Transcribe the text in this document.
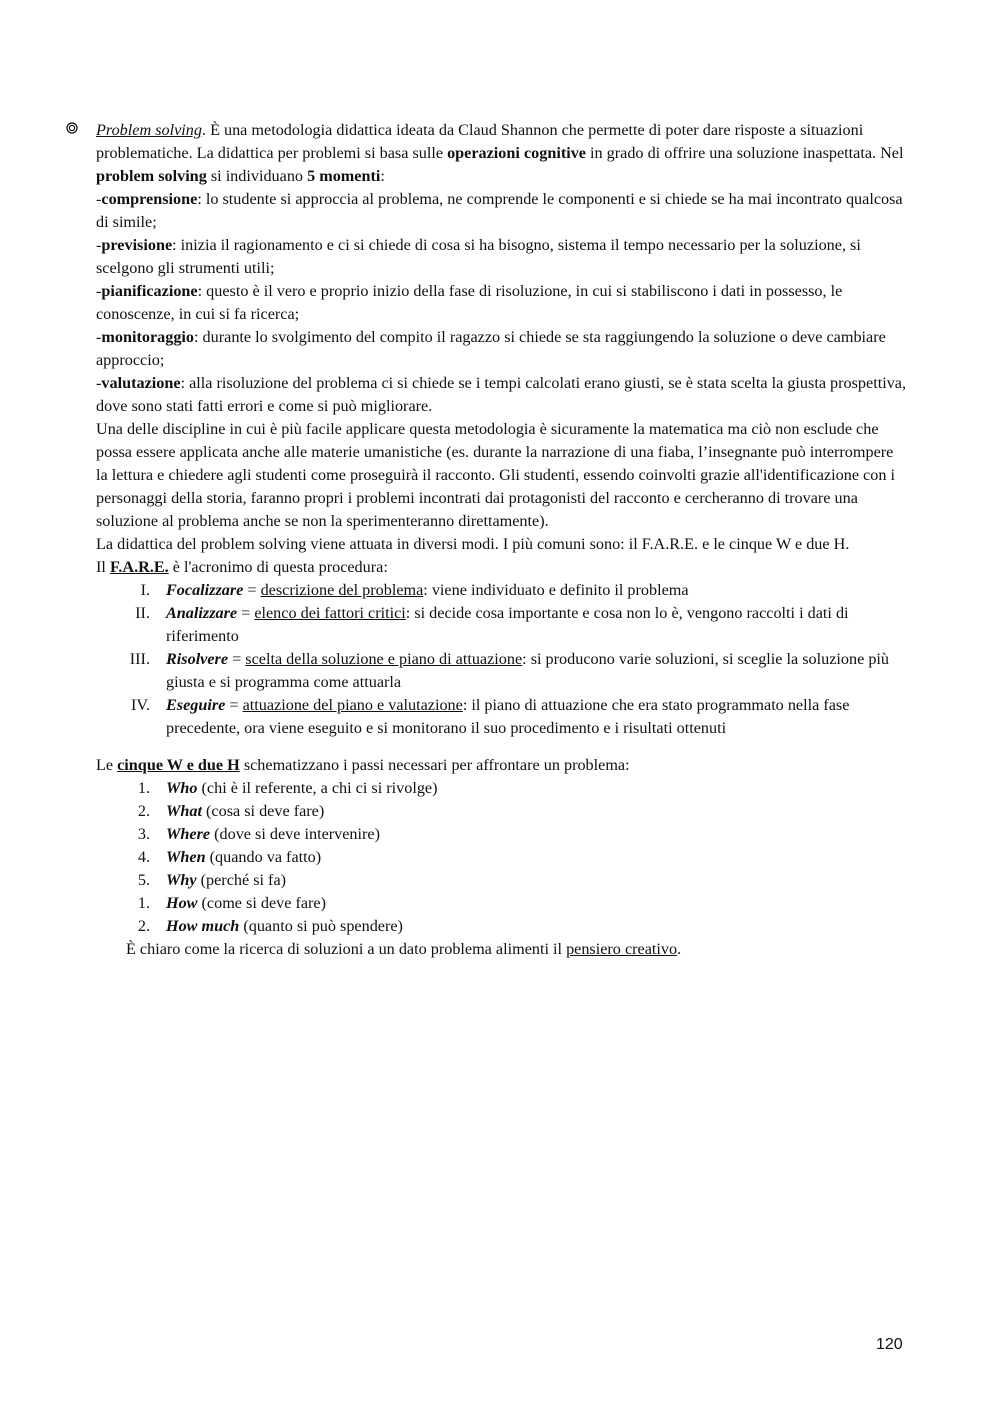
Problem solving. È una metodologia didattica ideata da Claud Shannon che permette di poter dare risposte a situazioni problematiche. La didattica per problemi si basa sulle operazioni cognitive in grado di offrire una soluzione inaspettata. Nel problem solving si individuano 5 momenti:

-comprensione: lo studente si approccia al problema, ne comprende le componenti e si chiede se ha mai incontrato qualcosa di simile;

-previsione: inizia il ragionamento e ci si chiede di cosa si ha bisogno, sistema il tempo necessario per la soluzione, si scelgono gli strumenti utili;

-pianificazione: questo è il vero e proprio inizio della fase di risoluzione, in cui si stabiliscono i dati in possesso, le conoscenze, in cui si fa ricerca;

-monitoraggio: durante lo svolgimento del compito il ragazzo si chiede se sta raggiungendo la soluzione o deve cambiare approccio;

-valutazione: alla risoluzione del problema ci si chiede se i tempi calcolati erano giusti, se è stata scelta la giusta prospettiva, dove sono stati fatti errori e come si può migliorare.

Una delle discipline in cui è più facile applicare questa metodologia è sicuramente la matematica ma ciò non esclude che possa essere applicata anche alle materie umanistiche (es. durante la narrazione di una fiaba, l’insegnante può interrompere la lettura e chiedere agli studenti come proseguirà il racconto. Gli studenti, essendo coinvolti grazie all'identificazione con i personaggi della storia, faranno propri i problemi incontrati dai protagonisti del racconto e cercheranno di trovare una soluzione al problema anche se non la sperimenteranno direttamente).

La didattica del problem solving viene attuata in diversi modi. I più comuni sono: il F.A.R.E. e le cinque W e due H.

Il F.A.R.E. è l'acronimo di questa procedura:

I. Focalizzare = descrizione del problema: viene individuato e definito il problema
II. Analizzare = elenco dei fattori critici: si decide cosa importante e cosa non lo è, vengono raccolti i dati di riferimento
III. Risolvere = scelta della soluzione e piano di attuazione: si producono varie soluzioni, si sceglie la soluzione più giusta e si programma come attuarla
IV. Eseguire = attuazione del piano e valutazione: il piano di attuazione che era stato programmato nella fase precedente, ora viene eseguito e si monitorano il suo procedimento e i risultati ottenuti

Le cinque W e due H schematizzano i passi necessari per affrontare un problema:

1. Who (chi è il referente, a chi ci si rivolge)
2. What (cosa si deve fare)
3. Where (dove si deve intervenire)
4. When (quando va fatto)
5. Why (perché si fa)
1. How (come si deve fare)
2. How much (quanto si può spendere)

È chiaro come la ricerca di soluzioni a un dato problema alimenti il pensiero creativo.

120
